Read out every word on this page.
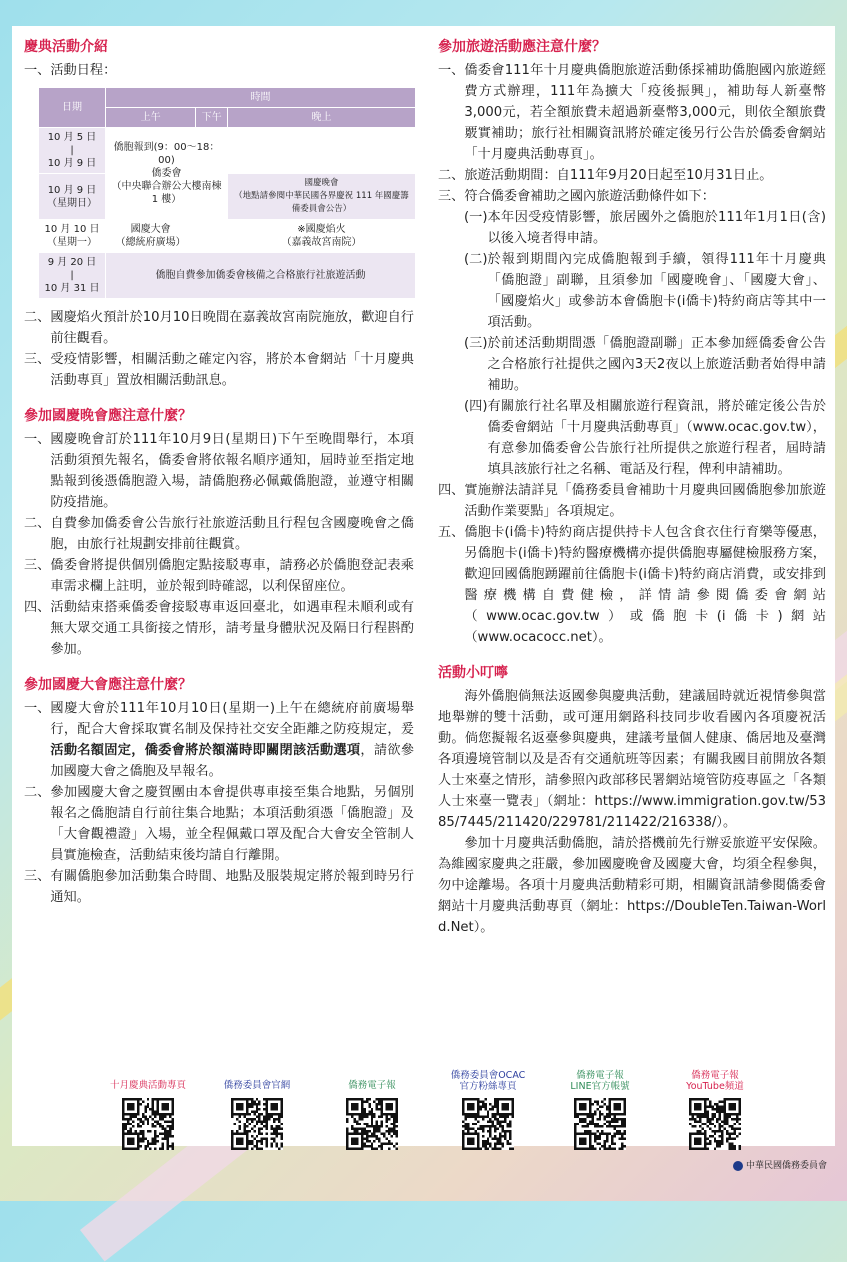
慶典活動介紹
一、活動日程：
日期	時間		
	上午	下午	晚上
10 月 5 日
|
10 月 9 日	僑胞報到(9：00～18：00)
僑委會
（中央聯合辦公大樓南棟 1 樓）		
10 月 9 日
（星期日）			國慶晚會
（地點請參閱中華民國各界慶祝 111 年國慶籌備委員會公告）
10 月 10 日
（星期一）	國慶大會
（總統府廣場）		※國慶焰火
（嘉義故宮南院）
9 月 20 日
|
10 月 31 日	僑胞自費參加僑委會核備之合格旅行社旅遊活動		
二、 國慶焰火預計於10月10日晚間在嘉義故宮南院施放，歡迎自行前往觀看。
三、 受疫情影響，相關活動之確定內容，將於本會網站「十月慶典活動專頁」置放相關活動訊息。
參加國慶晚會應注意什麼？
一、 國慶晚會訂於111年10月9日(星期日)下午至晚間舉行，本項活動須預先報名，僑委會將依報名順序通知，屆時並至指定地點報到後憑僑胞證入場，請僑胞務必佩戴僑胞證，並遵守相關防疫措施。
二、 自費參加僑委會公告旅行社旅遊活動且行程包含國慶晚會之僑胞，由旅行社規劃安排前往觀賞。
三、 僑委會將提供個別僑胞定點接駁專車，請務必於僑胞登記表乘車需求欄上註明，並於報到時確認，以利保留座位。
四、 活動結束搭乘僑委會接駁專車返回臺北，如遇車程未順利或有無大眾交通工具銜接之情形，請考量身體狀況及隔日行程斟酌參加。
參加國慶大會應注意什麼？
一、 國慶大會於111年10月10日(星期一)上午在總統府前廣場舉行，配合大會採取實名制及保持社交安全距離之防疫規定，爰活動名額固定，僑委會將於額滿時即關閉該活動選項，請欲參加國慶大會之僑胞及早報名。
二、 參加國慶大會之慶賀團由本會提供專車接至集合地點，另個別報名之僑胞請自行前往集合地點；本項活動須憑「僑胞證」及「大會觀禮證」入場，並全程佩戴口罩及配合大會安全管制人員實施檢查，活動結束後均請自行離開。
三、 有關僑胞參加活動集合時間、地點及服裝規定將於報到時另行通知。
參加旅遊活動應注意什麼？
一、 僑委會111年十月慶典僑胞旅遊活動係採補助僑胞國內旅遊經費方式辦理，111年為擴大「疫後振興」，補助每人新臺幣3,000元，若全額旅費未超過新臺幣3,000元，則依全額旅費覈實補助；旅行社相關資訊將於確定後另行公告於僑委會網站「十月慶典活動專頁」。
二、 旅遊活動期間：自111年9月20日起至10月31日止。
三、 符合僑委會補助之國內旅遊活動條件如下：
(一) 本年因受疫情影響，旅居國外之僑胞於111年1月1日(含)以後入境者得申請。
(二) 於報到期間內完成僑胞報到手續，領得111年十月慶典「僑胞證」副聯，且須參加「國慶晚會」、「國慶大會」、「國慶焰火」或參訪本會僑胞卡(i僑卡)特約商店等其中一項活動。
(三) 於前述活動期間憑「僑胞證副聯」正本參加經僑委會公告之合格旅行社提供之國內3天2夜以上旅遊活動者始得申請補助。
(四) 有關旅行社名單及相關旅遊行程資訊，將於確定後公告於僑委會網站「十月慶典活動專頁」（www.ocac.gov.tw），有意參加僑委會公告旅行社所提供之旅遊行程者，屆時請填具該旅行社之名稱、電話及行程，俾利申請補助。
四、 實施辦法請詳見「僑務委員會補助十月慶典回國僑胞參加旅遊活動作業要點」各項規定。
五、 僑胞卡(i僑卡)特約商店提供持卡人包含食衣住行育樂等優惠，另僑胞卡(i僑卡)特約醫療機構亦提供僑胞專屬健檢服務方案，歡迎回國僑胞踴躍前往僑胞卡(i僑卡)特約商店消費，或安排到醫療機構自費健檢，詳情請參閱僑委會網站（www.ocac.gov.tw）或僑胞卡(i僑卡)網站（www.ocacocc.net）。
活動小叮嚀
海外僑胞倘無法返國參與慶典活動，建議屆時就近視情參與當地舉辦的雙十活動，或可運用網路科技同步收看國內各項慶祝活動。倘您擬報名返臺參與慶典，建議考量個人健康、僑居地及臺灣各項邊境管制以及是否有交通航班等因素；有關我國目前開放各類人士來臺之情形，請參照內政部移民署網站境管防疫專區之「各類人士來臺一覽表」（網址：https://www.immigration.gov.tw/5385/7445/211420/229781/211422/216338/）。
參加十月慶典活動僑胞，請於搭機前先行辦妥旅遊平安保險。為維國家慶典之莊嚴，參加國慶晚會及國慶大會，均須全程參與，勿中途離場。各項十月慶典活動精彩可期，相關資訊請參閱僑委會網站十月慶典活動專頁（網址：https://DoubleTen.Taiwan-World.Net）。
十月慶典活動專頁	僑務委員會官網	僑務電子報
僑務委員會OCAC
官方粉絲專頁
僑務電子報
LINE官方帳號
僑務電子報
YouTube頻道
中華民國僑務委員會
